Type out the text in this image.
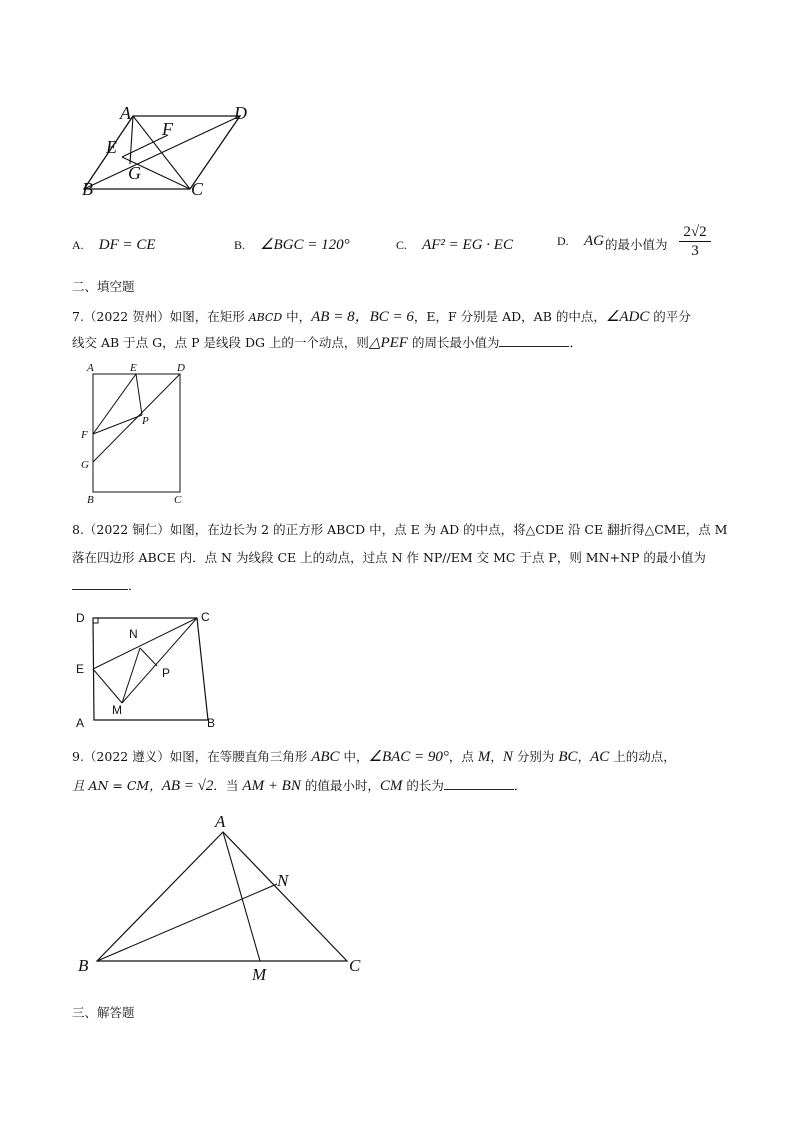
A	D
F
E
G
B	C
A. DF = CE	B. ∠BGC = 120°	C. AF² = EG · EC	D. AG 的最小值为 $\frac{2√2}{3}$
二、填空题
7.（2022 贺州）如图，在矩形 ABCD 中，AB = 8，BC = 6，E，F 分别是 AD，AB 的中点，∠ADC 的平分
线交 AB 于点 G，点 P 是线段 DG 上的一个动点，则△PEF 的周长最小值为	．
A	E	D
P
F
G
B	C
8.（2022 铜仁）如图，在边长为 2 的正方形 ABCD 中，点 E 为 AD 的中点，将△CDE 沿 CE 翻折得△CME，点 M
落在四边形 ABCE 内．点 N 为线段 CE 上的动点，过点 N 作 NP//EM 交 MC 于点 P，则 MN+NP 的最小值为
．
D	C
N
E	P
M
A	B
9.（2022 遵义）如图，在等腰直角三角形 ABC 中，∠BAC = 90°，点 M，N 分别为 BC，AC 上的动点，
且 AN = CM，AB = √2．当 AM + BN 的值最小时，CM 的长为	．
A
N
B	M	C
三、解答题
